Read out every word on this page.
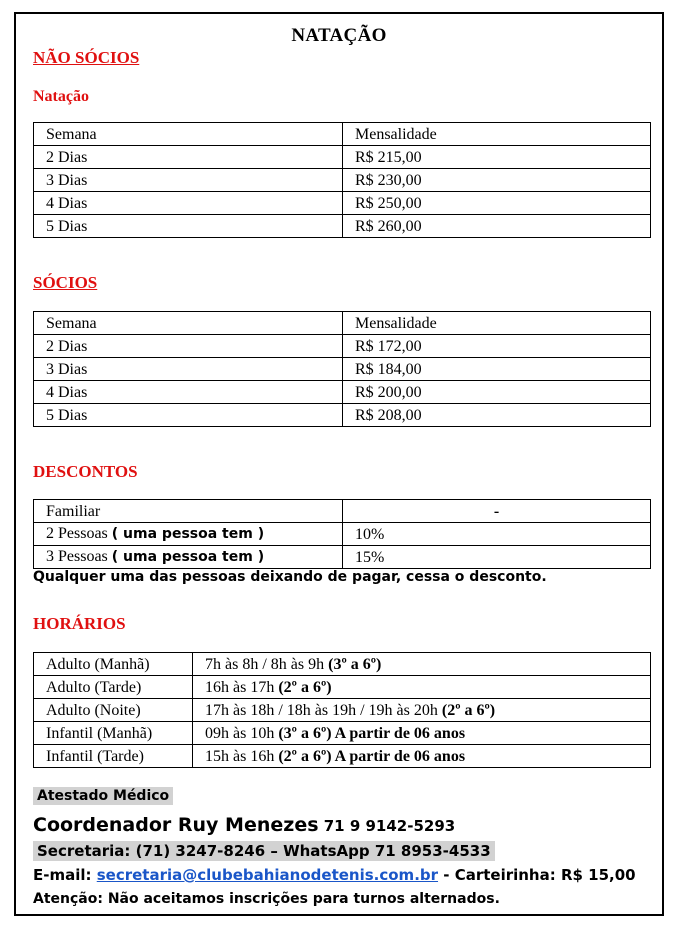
NATAÇÃO
NÃO SÓCIOS
Natação
Semana	Mensalidade
2 Dias	R$ 215,00
3 Dias	R$ 230,00
4 Dias	R$ 250,00
5 Dias	R$ 260,00
SÓCIOS
Semana	Mensalidade
2 Dias	R$ 172,00
3 Dias	R$ 184,00
4 Dias	R$ 200,00
5 Dias	R$ 208,00
DESCONTOS
Familiar	-
2 Pessoas ( uma pessoa tem )	10%
3 Pessoas ( uma pessoa tem )	15%
Qualquer uma das pessoas deixando de pagar, cessa o desconto.
HORÁRIOS
Adulto (Manhã)	7h às 8h / 8h às 9h (3º a 6º)
Adulto (Tarde)	16h às 17h (2º a 6º)
Adulto (Noite)	17h às 18h / 18h às 19h / 19h às 20h (2º a 6º)
Infantil (Manhã)	09h às 10h (3º a 6º) A partir de 06 anos
Infantil (Tarde)	15h às 16h (2º a 6º) A partir de 06 anos
Atestado Médico
Coordenador Ruy Menezes 71 9 9142-5293
Secretaria: (71) 3247-8246 – WhatsApp 71 8953-4533
E-mail: secretaria@clubebahianodetenis.com.br - Carteirinha: R$ 15,00
Atenção: Não aceitamos inscrições para turnos alternados.
